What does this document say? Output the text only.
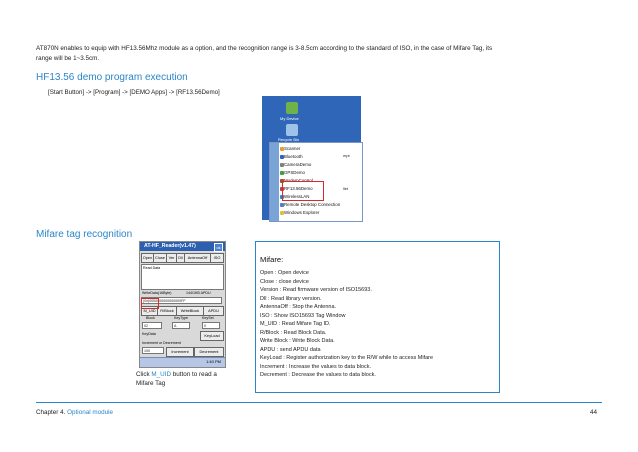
AT870N enables to equip with HF13.56Mhz module as a option, and the recognition range is 3-8.5cm according to the standard of ISO, in the case of Mifare Tag, its range will be 1~3.5cm.
HF13.56 demo program execution
[Start Button] -> [Program] -> [DEMO Apps] -> [RF13.56Demo]
My Device
Recycle Bin
Scanner
Bluetooth
CameraDemo
GPSDemo
ModemControl
RF13.56Demo
WirelessLAN
Remote Desktop Connection
Windows Explorer
mpt
llet
Mifare tag recognition
AT-HF_Reader(v1.47)	ok
Open Close Ver Dll	AntennaOff	ISO
Read Data
WriteData(16Byte)	144/1KB APDU
(0x)0000000000000000FF
M_UID	R/Block	WriteBlock	APDU
Block	KeyType	KeySet
02	A	0
KeyData	KeyLoad
Increment or Decrement
100	Increment	Decrement
1:40 PM
Click M_UID button to read a Mifare Tag
Mifare:
Open : Open device
Close : close device
Version : Read firmware version of ISO15693.
Dll : Read library version.
AntennaOff : Stop the Antenna.
ISO : Show ISO15693 Tag Window
M_UID : Read Mifare Tag ID.
R/Block : Read Block Data.
Write Block : Write Block Data.
APDU : send APDU data
KeyLoad : Register authorization key to the R/W while to access Mifare
Increment : Increase the values to data block.
Decrement : Decrease the values to data block.
Chapter 4. Optional module	44
